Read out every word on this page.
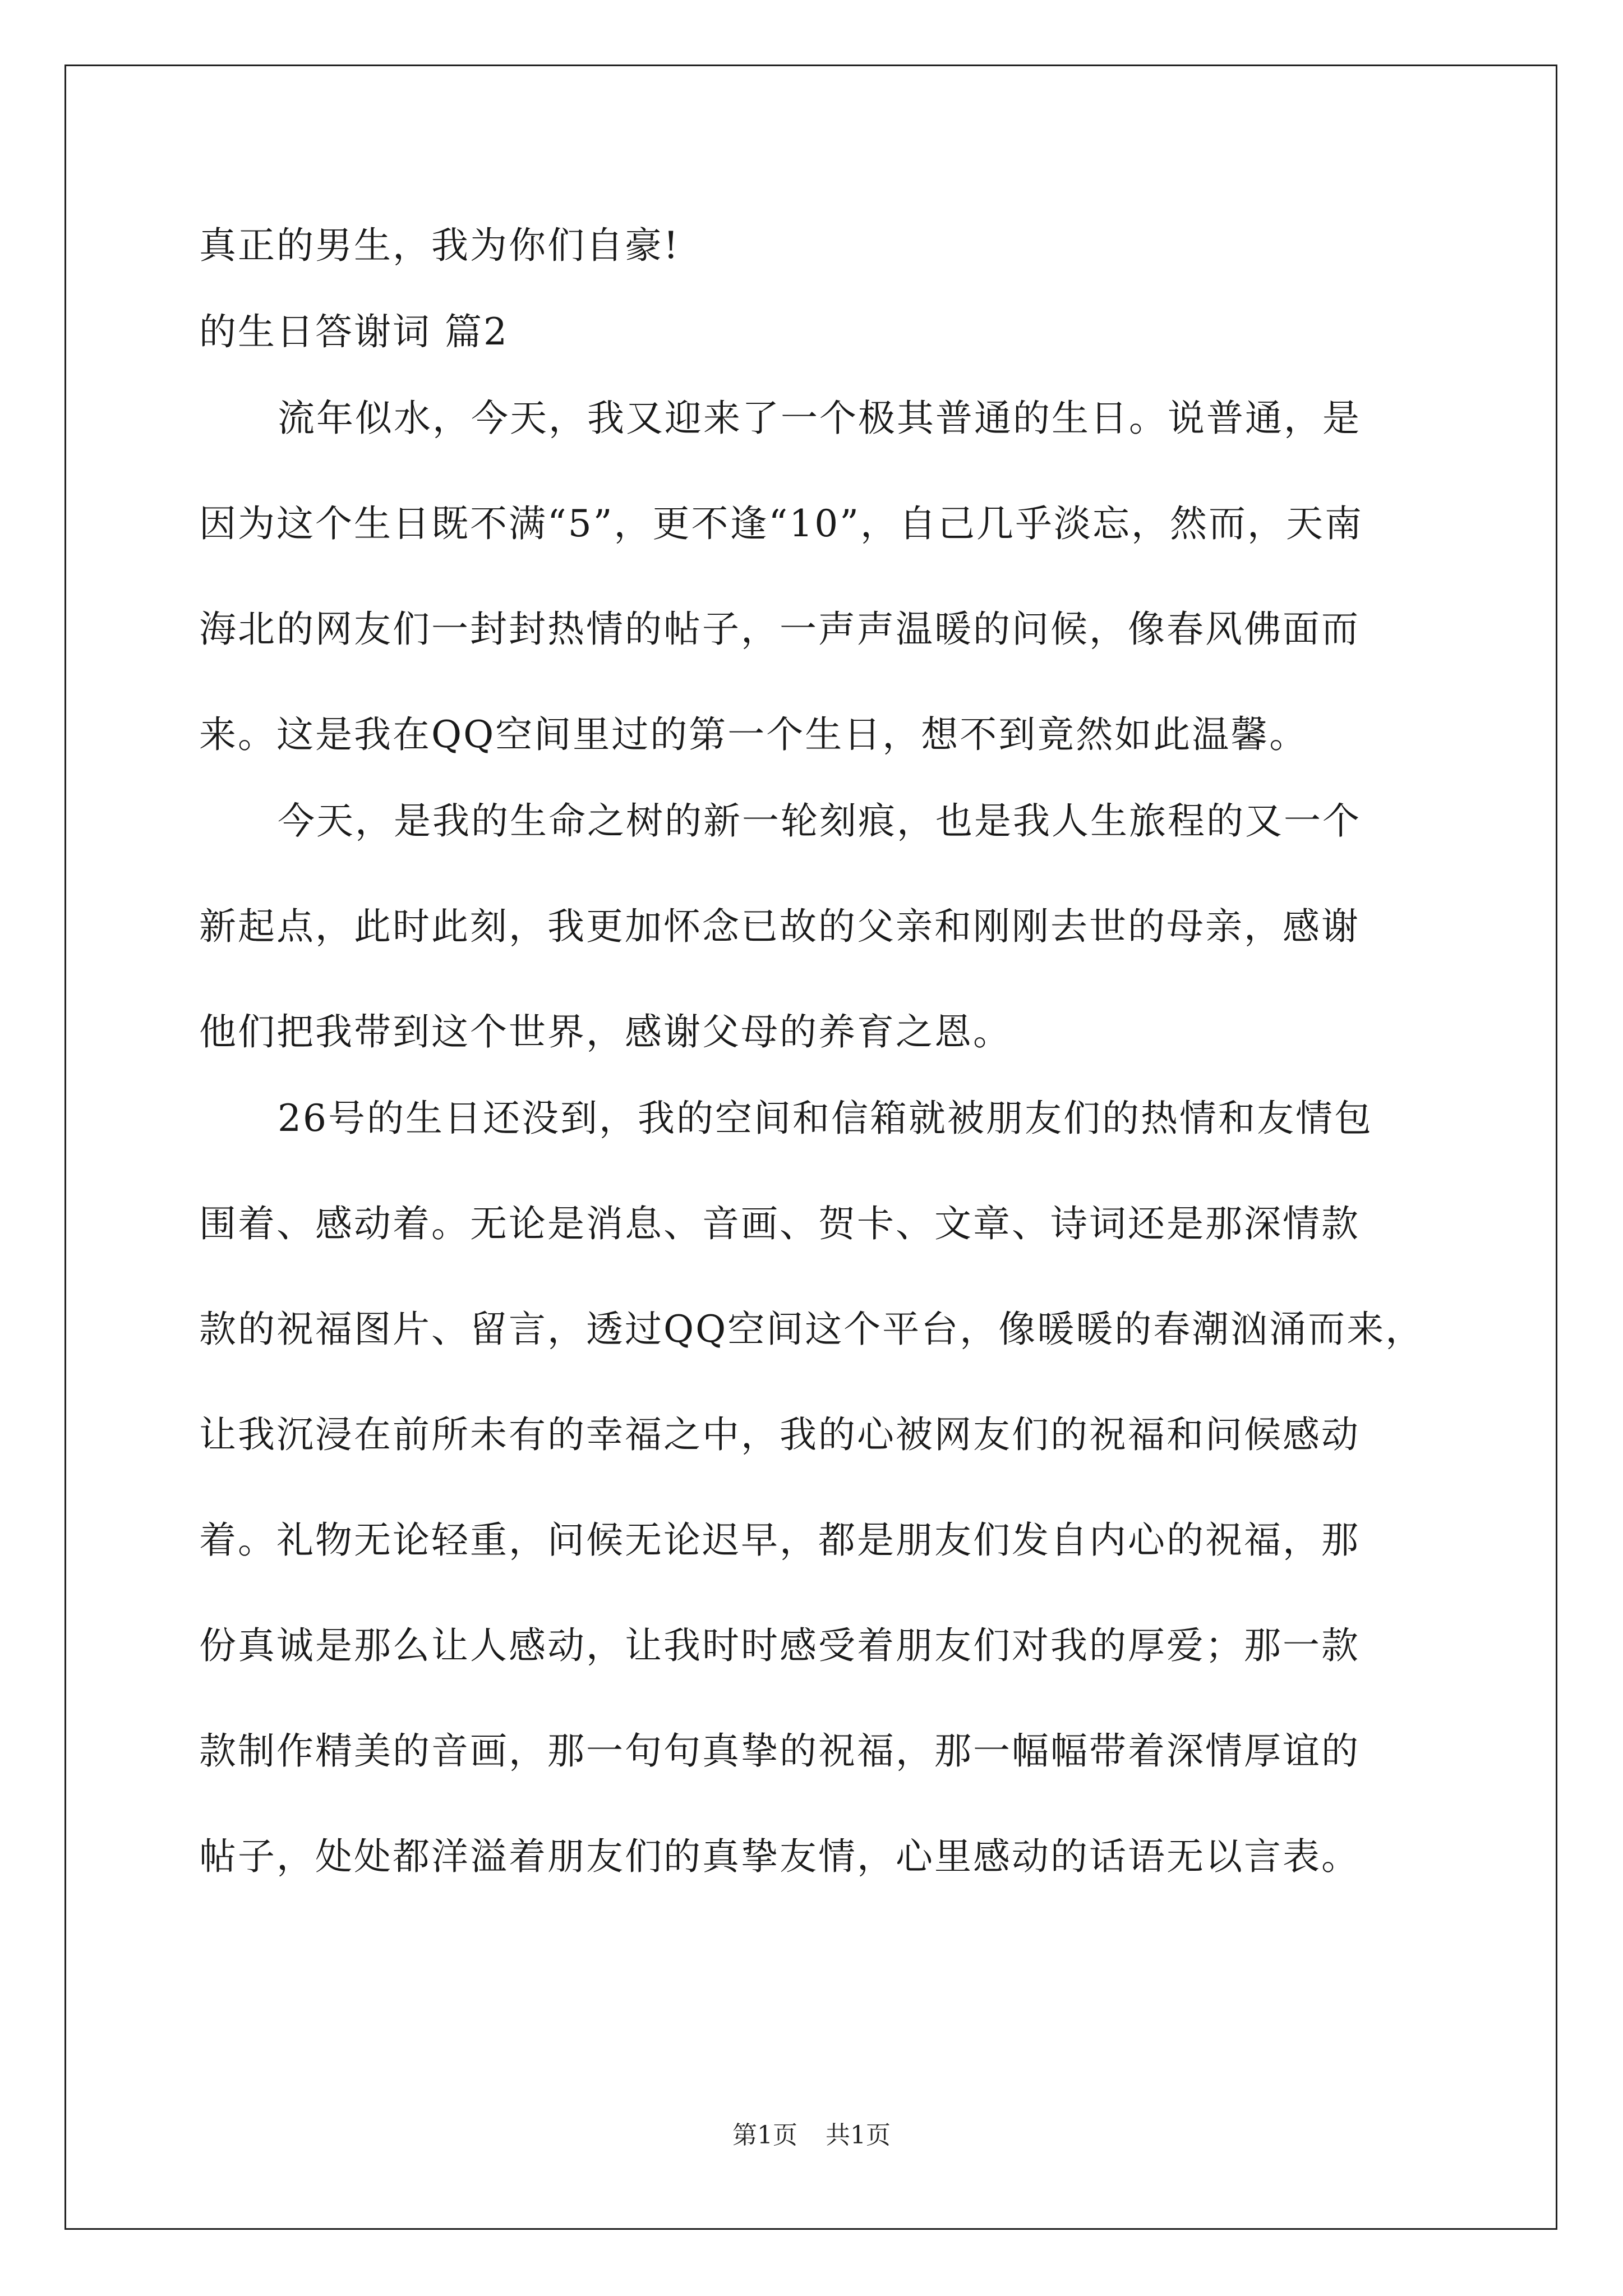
真正的男生，我为你们自豪!
的生日答谢词 篇2
流年似水，今天，我又迎来了一个极其普通的生日。说普通，是
因为这个生日既不满“5”，更不逢“10”，自己几乎淡忘，然而，天南
海北的网友们一封封热情的帖子，一声声温暖的问候，像春风佛面而
来。这是我在QQ空间里过的第一个生日，想不到竟然如此温馨。
今天，是我的生命之树的新一轮刻痕，也是我人生旅程的又一个
新起点，此时此刻，我更加怀念已故的父亲和刚刚去世的母亲，感谢
他们把我带到这个世界，感谢父母的养育之恩。
26号的生日还没到，我的空间和信箱就被朋友们的热情和友情包
围着、感动着。无论是消息、音画、贺卡、文章、诗词还是那深情款
款的祝福图片、留言，透过QQ空间这个平台，像暖暖的春潮汹涌而来，
让我沉浸在前所未有的幸福之中，我的心被网友们的祝福和问候感动
着。礼物无论轻重，问候无论迟早，都是朋友们发自内心的祝福，那
份真诚是那么让人感动，让我时时感受着朋友们对我的厚爱；那一款
款制作精美的音画，那一句句真挚的祝福，那一幅幅带着深情厚谊的
帖子，处处都洋溢着朋友们的真挚友情，心里感动的话语无以言表。
第1页 共1页
